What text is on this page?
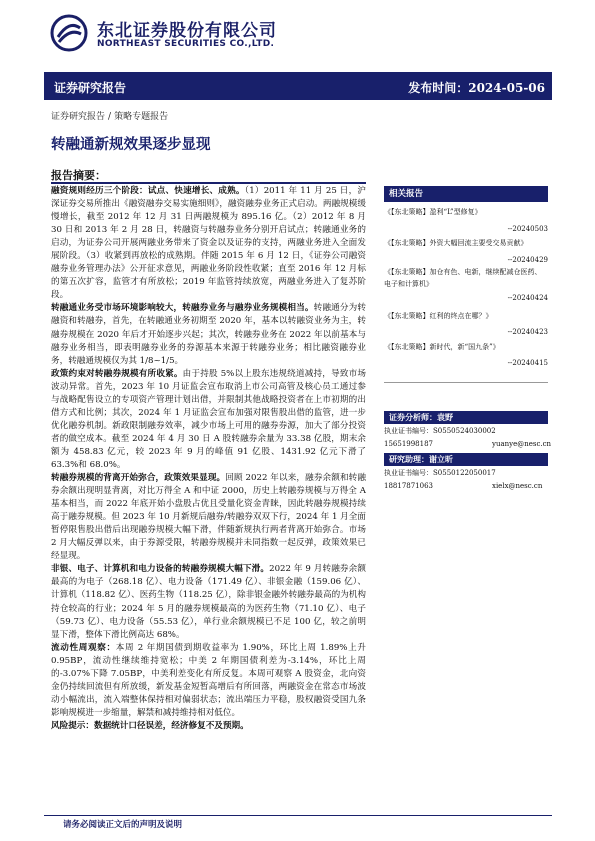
东北证券股份有限公司
NORTHEAST SECURITIES CO.,LTD.
证券研究报告	发布时间：2024-05-06
证券研究报告 / 策略专题报告
转融通新规效果逐步显现
报告摘要：

融资规则经历三个阶段：试点、快速增长、成熟。（1）2011 年 11 月 25 日，沪深证券交易所推出《融资融券交易实施细则》，融资融券业务正式启动。两融规模缓慢增长，截至 2012 年 12 月 31 日两融规模为 895.16 亿。（2）2012 年 8 月 30 日和 2013 年 2 月 28 日，转融资与转融券业务分别开启试点；转融通业务的启动，为证券公司开展两融业务带来了资金以及证券的支持，两融业务进入全面发展阶段。（3）收紧到再放松的成熟期。伴随 2015 年 6 月 12 日，《证券公司融资融券业务管理办法》公开征求意见，两融业务阶段性收紧；直至 2016 年 12 月标的第五次扩容，监管才有所放松；2019 年监管持续放宽，两融业务进入了复苏阶段。

转融通业务受市场环境影响较大，转融券业务与融券业务规模相当。转融通分为转融资和转融券，首先，在转融通业务初期至 2020 年，基本以转融资业务为主，转融券规模在 2020 年后才开始逐步兴起；其次，转融券业务在 2022 年以前基本与融券业务相当，即表明融券业务的券源基本来源于转融券业务；相比融资融券业务，转融通规模仅为其 1/8~1/5。

政策约束对转融券规模有所收紧。由于持股 5%以上股东违规绕道减持，导致市场波动异常。首先，2023 年 10 月证监会宣布取消上市公司高管及核心员工通过参与战略配售设立的专项资产管理计划出借，并限制其他战略投资者在上市初期的出借方式和比例；其次，2024 年 1 月证监会宣布加强对限售股出借的监管，进一步优化融券机制。新政限制融券效率，减少市场上可用的融券券源，加大了部分投资者的做空成本。截至 2024 年 4 月 30 日 A 股转融券余量为 33.38 亿股，期末余额为 458.83 亿元，较 2023 年 9 月的峰值 91 亿股、1431.92 亿元下滑了 63.3%和 68.0%。

转融券规模的背离开始弥合，政策效果显现。回顾 2022 年以来，融券余额和转融券余额出现明显背离，对比万得全 A 和中证 2000，历史上转融券规模与万得全 A 基本相当，而 2022 年底开始小盘股占优且受量化资金青睐，因此转融券规模持续高于融券规模。但 2023 年 10 月新规后融券/转融券双双下行，2024 年 1 月全面暂停限售股出借后出现融券规模大幅下滑，伴随新规执行两者背离开始弥合。市场 2 月大幅反弹以来，由于券源受限，转融券规模并未同指数一起反弹，政策效果已经显现。

非银、电子、计算机和电力设备的转融券规模大幅下滑。2022 年 9 月转融券余额最高的为电子（268.18 亿）、电力设备（171.49 亿）、非银金融（159.06 亿）、计算机（118.82 亿）、医药生物（118.25 亿），除非银金融外转融券最高的为机构持仓较高的行业；2024 年 5 月的融券规模最高的为医药生物（71.10 亿）、电子（59.73 亿）、电力设备（55.53 亿），单行业余额规模已不足 100 亿，较之前明显下滑，整体下滑比例高达 68%。

流动性周观察：本周 2 年期国债到期收益率为 1.90%，环比上周 1.89%上升 0.95BP，流动性继续维持宽松；中美 2 年期国债利差为-3.14%，环比上周的-3.07%下降 7.05BP，中美利差变化有所反复。本周可观察 A 股资金，北向资金仍持续回流但有所放缓，新发基金短暂高增后有所回落，两融资金在常态市场波动小幅流出，流入端整体保持相对偏弱状态；流出端压力平稳，股权融资受国九条影响规模进一步缩量，解禁和减持维持相对低位。

风险提示：数据统计口径误差，经济修复不及预期。

相关报告
《【东北策略】盈利“L”型修复》
--20240503
《【东北策略】外资大幅回流主要受交易贡献》
--20240429
《【东北策略】加仓有色、电新，继续配减仓医药、电子和计算机》
--20240424
《【东北策略】红利的终点在哪？》
--20240423
《【东北策略】新时代，新“国九条”》
--20240415
证券分析师：袁野
执业证书编号：S0550524030002
15651998187	yuanye@nesc.cn
研究助理：谢立昕
执业证书编号：S0550122050017
18817871063	xielx@nesc.cn
请务必阅读正文后的声明及说明
